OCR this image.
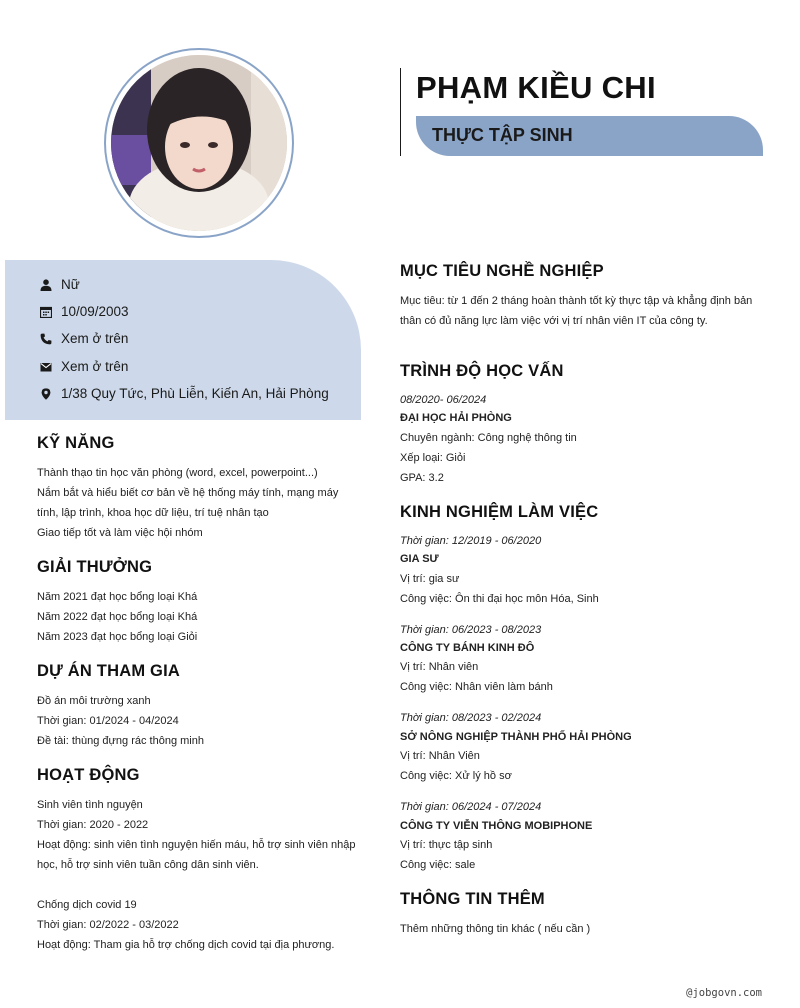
PHẠM KIỀU CHI
THỰC TẬP SINH
Nữ
10/09/2003
Xem ở trên
Xem ở trên
1/38 Quy Tức, Phù Liễn, Kiến An, Hải Phòng
KỸ NĂNG
Thành thạo tin học văn phòng (word, excel, powerpoint...)
Nắm bắt và hiểu biết cơ bản về hệ thống máy tính, mạng máy
tính, lập trình, khoa học dữ liệu, trí tuệ nhân tạo
Giao tiếp tốt và làm việc hội nhóm
GIẢI THƯỞNG
Năm 2021 đạt học bổng loại Khá
Năm 2022 đạt học bổng loại Khá
Năm 2023 đạt học bổng loại Giỏi
DỰ ÁN THAM GIA
Đồ án môi trường xanh
Thời gian: 01/2024 - 04/2024
Đề tài: thùng đựng rác thông minh
HOẠT ĐỘNG
Sinh viên tình nguyện
Thời gian: 2020 - 2022
Hoạt động: sinh viên tình nguyện hiến máu, hỗ trợ sinh viên nhập
học, hỗ trợ sinh viên tuần công dân sinh viên.
Chống dịch covid 19
Thời gian: 02/2022 - 03/2022
Hoạt động: Tham gia hỗ trợ chống dịch covid tại địa phương.
MỤC TIÊU NGHỀ NGHIỆP
Mục tiêu: từ 1 đến 2 tháng hoàn thành tốt kỳ thực tập và khẳng định bản
thân có đủ năng lực làm việc với vị trí nhân viên IT của công ty.
TRÌNH ĐỘ HỌC VẤN
08/2020- 06/2024
ĐẠI HỌC HẢI PHÒNG
Chuyên ngành: Công nghệ thông tin
Xếp loại: Giỏi
GPA: 3.2
KINH NGHIỆM LÀM VIỆC
Thời gian: 12/2019 - 06/2020
GIA SƯ
Vị trí: gia sư
Công việc: Ôn thi đại học môn Hóa, Sinh
Thời gian: 06/2023 - 08/2023
CÔNG TY BÁNH KINH ĐÔ
Vị trí: Nhân viên
Công việc: Nhân viên làm bánh
Thời gian: 08/2023 - 02/2024
SỞ NÔNG NGHIỆP THÀNH PHỐ HẢI PHÒNG
Vị trí: Nhân Viên
Công việc: Xử lý hồ sơ
Thời gian: 06/2024 - 07/2024
CÔNG TY VIỄN THÔNG MOBIPHONE
Vị trí: thực tập sinh
Công việc: sale
THÔNG TIN THÊM
Thêm những thông tin khác ( nếu cần )
@jobgovn.com
